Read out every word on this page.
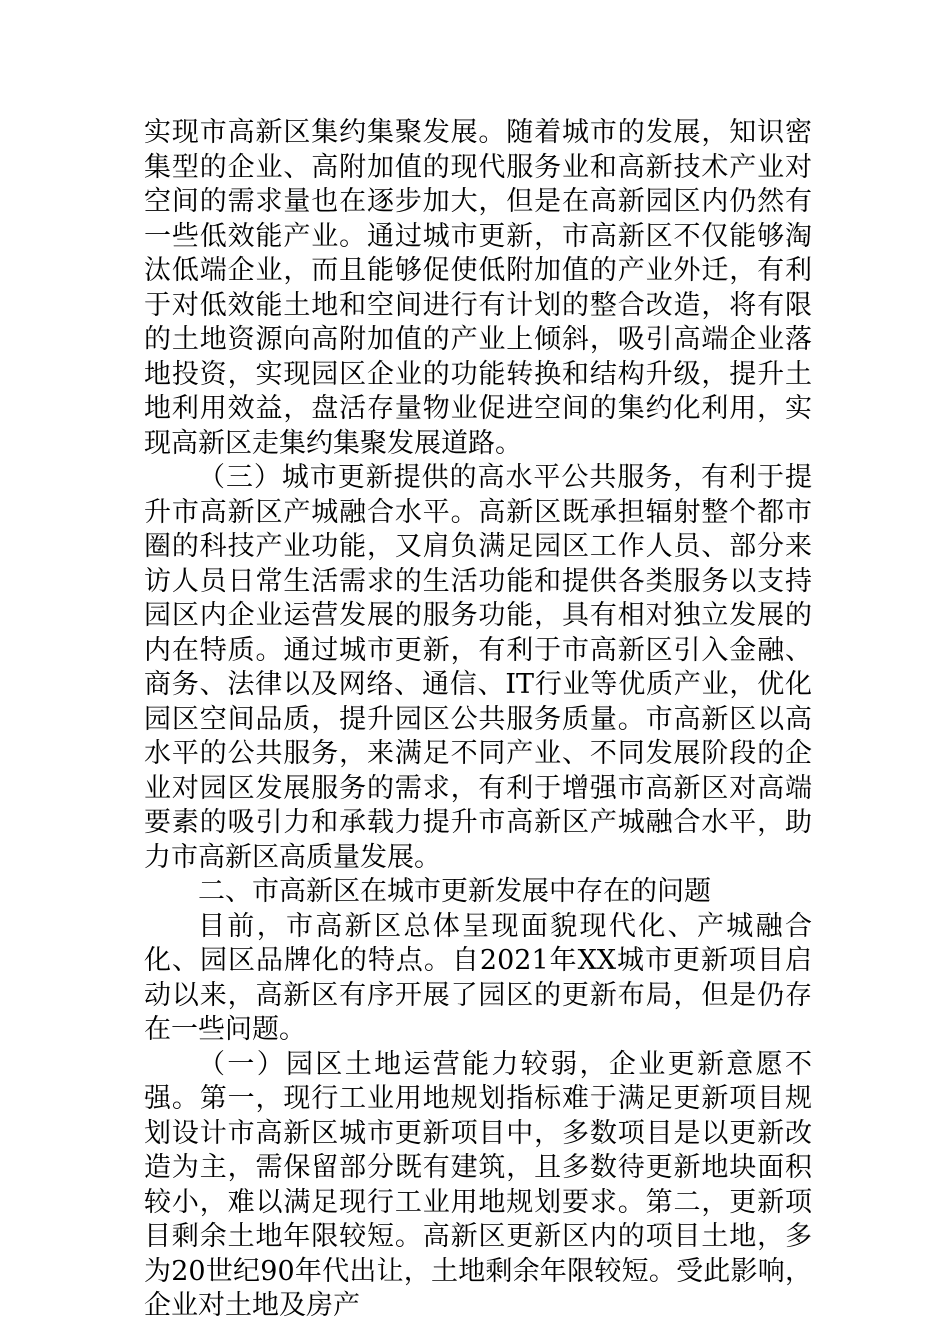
实现市高新区集约集聚发展。随着城市的发展，知识密集型的企业、高附加值的现代服务业和高新技术产业对空间的需求量也在逐步加大，但是在高新园区内仍然有一些低效能产业。通过城市更新，市高新区不仅能够淘汰低端企业，而且能够促使低附加值的产业外迁，有利于对低效能土地和空间进行有计划的整合改造，将有限的土地资源向高附加值的产业上倾斜，吸引高端企业落地投资，实现园区企业的功能转换和结构升级，提升土地利用效益，盘活存量物业促进空间的集约化利用，实现高新区走集约集聚发展道路。

（三）城市更新提供的高水平公共服务，有利于提升市高新区产城融合水平。高新区既承担辐射整个都市圈的科技产业功能，又肩负满足园区工作人员、部分来访人员日常生活需求的生活功能和提供各类服务以支持园区内企业运营发展的服务功能，具有相对独立发展的内在特质。通过城市更新，有利于市高新区引入金融、商务、法律以及网络、通信、IT行业等优质产业，优化园区空间品质，提升园区公共服务质量。市高新区以高水平的公共服务，来满足不同产业、不同发展阶段的企业对园区发展服务的需求，有利于增强市高新区对高端要素的吸引力和承载力提升市高新区产城融合水平，助力市高新区高质量发展。

二、市高新区在城市更新发展中存在的问题

目前，市高新区总体呈现面貌现代化、产城融合化、园区品牌化的特点。自2021年XX城市更新项目启动以来，高新区有序开展了园区的更新布局，但是仍存在一些问题。

（一）园区土地运营能力较弱，企业更新意愿不强。第一，现行工业用地规划指标难于满足更新项目规划设计市高新区城市更新项目中，多数项目是以更新改造为主，需保留部分既有建筑，且多数待更新地块面积较小，难以满足现行工业用地规划要求。第二，更新项目剩余土地年限较短。高新区更新区内的项目土地，多为20世纪90年代出让，土地剩余年限较短。受此影响，企业对土地及房产
